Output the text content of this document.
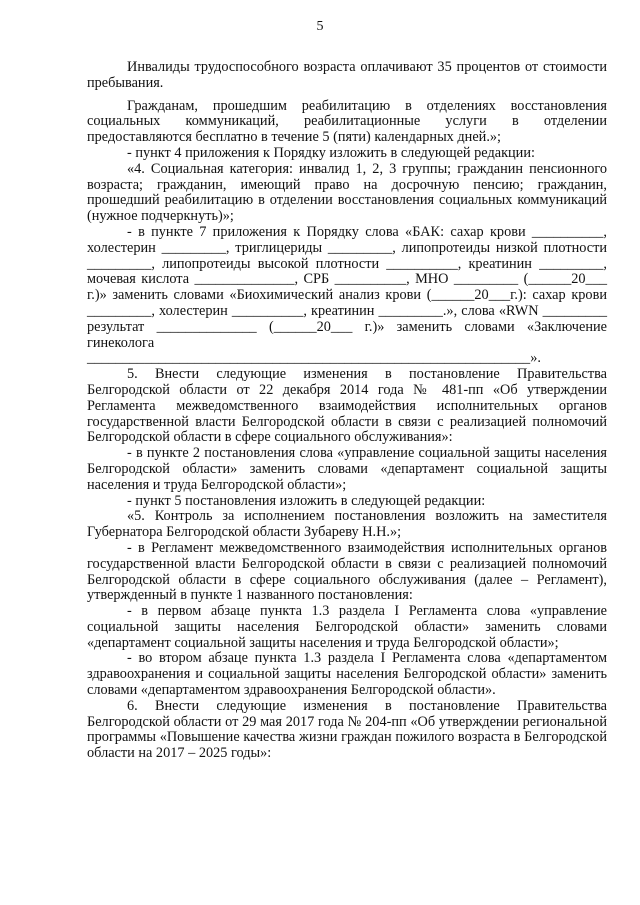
5

Инвалиды трудоспособного возраста оплачивают 35 процентов от стоимости пребывания.

Гражданам, прошедшим реабилитацию в отделениях восстановления социальных коммуникаций, реабилитационные услуги в отделении предоставляются бесплатно в течение 5 (пяти) календарных дней.»;

- пункт 4 приложения к Порядку изложить в следующей редакции:

«4. Социальная категория: инвалид 1, 2, 3 группы; гражданин пенсионного возраста; гражданин, имеющий право на досрочную пенсию; гражданин, прошедший реабилитацию в отделении восстановления социальных коммуникаций (нужное подчеркнуть)»;

- в пункте 7 приложения к Порядку слова «БАК: сахар крови __________, холестерин _________, триглицериды _________, липопротеиды низкой плотности _________, липопротеиды высокой плотности __________, креатинин _________, мочевая кислота ______________, СРБ __________, МНО _________ (______20___ г.)» заменить словами «Биохимический анализ крови (______20___г.): сахар крови _________, холестерин __________, креатинин _________.», слова «RWN _________ результат ______________ (______20___ г.)» заменить словами «Заключение гинеколога ______________________________________________________________».

5. Внести следующие изменения в постановление Правительства Белгородской области от 22 декабря 2014 года № 481-пп «Об утверждении Регламента межведомственного взаимодействия исполнительных органов государственной власти Белгородской области в связи с реализацией полномочий Белгородской области в сфере социального обслуживания»:

- в пункте 2 постановления слова «управление социальной защиты населения Белгородской области» заменить словами «департамент социальной защиты населения и труда Белгородской области»;

- пункт 5 постановления изложить в следующей редакции:

«5. Контроль за исполнением постановления возложить на заместителя Губернатора Белгородской области Зубареву Н.Н.»;

- в Регламент межведомственного взаимодействия исполнительных органов государственной власти Белгородской области в связи с реализацией полномочий Белгородской области в сфере социального обслуживания (далее – Регламент), утвержденный в пункте 1 названного постановления:

- в первом абзаце пункта 1.3 раздела I Регламента слова «управление социальной защиты населения Белгородской области» заменить словами «департамент социальной защиты населения и труда Белгородской области»;

- во втором абзаце пункта 1.3 раздела I Регламента слова «департаментом здравоохранения и социальной защиты населения Белгородской области» заменить словами «департаментом здравоохранения Белгородской области».

6. Внести следующие изменения в постановление Правительства Белгородской области от 29 мая 2017 года № 204-пп «Об утверждении региональной программы «Повышение качества жизни граждан пожилого возраста в Белгородской области на 2017 – 2025 годы»:
